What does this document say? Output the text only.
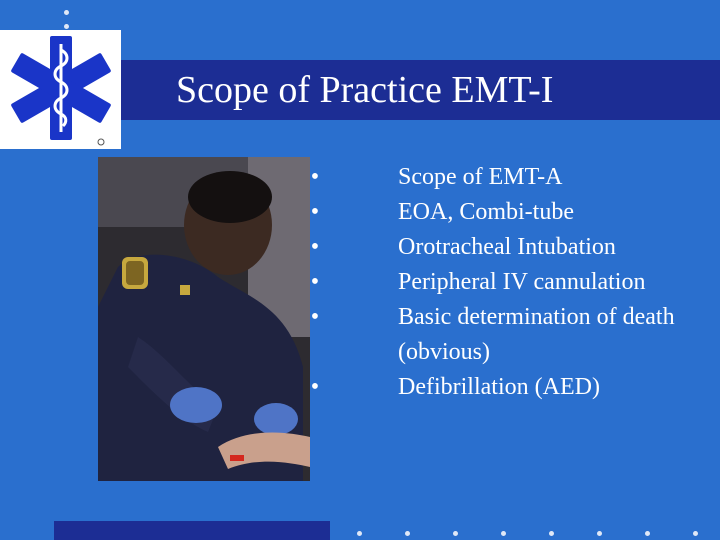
Scope of Practice EMT-I
•	Scope of EMT-A
•	EOA, Combi-tube
•	Orotracheal Intubation
•	Peripheral IV cannulation
•	Basic determination of death (obvious)
•	Defibrillation (AED)
